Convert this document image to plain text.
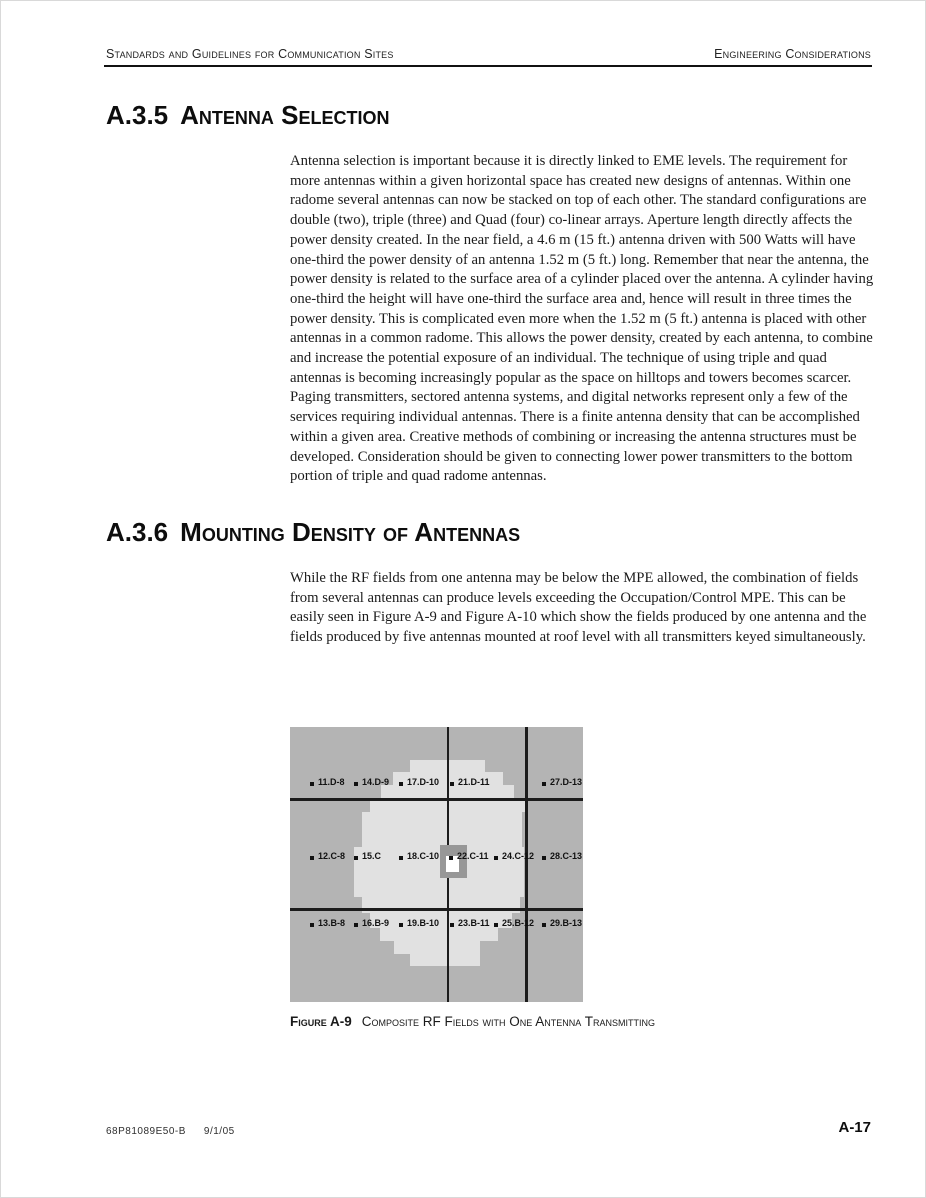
Standards and Guidelines for Communication Sites	Engineering Considerations
A.3.5 Antenna Selection
Antenna selection is important because it is directly linked to EME levels. The requirement for more antennas within a given horizontal space has created new designs of antennas. Within one radome several antennas can now be stacked on top of each other. The standard configurations are double (two), triple (three) and Quad (four) co-linear arrays. Aperture length directly affects the power density created. In the near field, a 4.6 m (15 ft.) antenna driven with 500 Watts will have one-third the power density of an antenna 1.52 m (5 ft.) long. Remember that near the antenna, the power density is related to the surface area of a cylinder placed over the antenna. A cylinder having one-third the height will have one-third the surface area and, hence will result in three times the power density. This is complicated even more when the 1.52 m (5 ft.) antenna is placed with other antennas in a common radome. This allows the power density, created by each antenna, to combine and increase the potential exposure of an individual. The technique of using triple and quad antennas is becoming increasingly popular as the space on hilltops and towers becomes scarcer. Paging transmitters, sectored antenna systems, and digital networks represent only a few of the services requiring individual antennas. There is a finite antenna density that can be accomplished within a given area. Creative methods of combining or increasing the antenna structures must be developed. Consideration should be given to connecting lower power transmitters to the bottom portion of triple and quad radome antennas.
A.3.6 Mounting Density of Antennas
While the RF fields from one antenna may be below the MPE allowed, the combination of fields from several antennas can produce levels exceeding the Occupation/Control MPE. This can be easily seen in Figure A-9 and Figure A-10 which show the fields produced by one antenna and the fields produced by five antennas mounted at roof level with all transmitters keyed simultaneously.
11.D-8 14.D-9 17.D-10 21.D-11	27.D-13
12.C-8 15.C	18.C-10 22.C-11 24.C-12 28.C-13
13.B-8 16.B-9 19.B-10 23.B-11 25.B-12 29.B-13
Figure A-9 Composite RF Fields with One Antenna Transmitting
68P81089E50-B 9/1/05	A-17
